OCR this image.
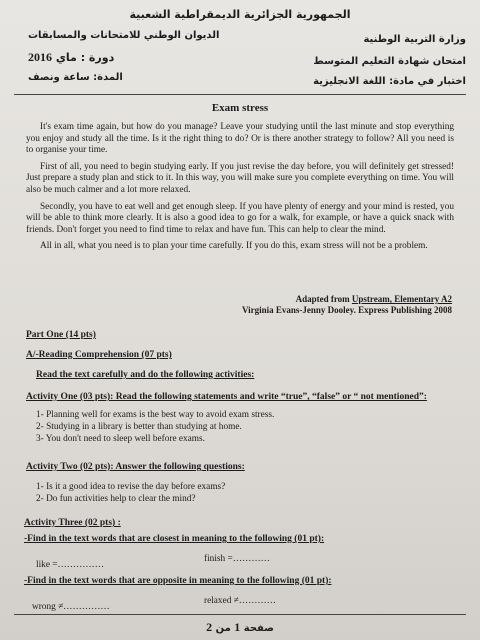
الجمهورية الجزائرية الديمقراطية الشعبية
وزارة التربية الوطنية
الديوان الوطني للامتحانات والمسابقات
امتحان شهادة التعليم المتوسط
دورة : ماي 2016
اختبار في مادة: اللغة الانجليزية
المدة: ساعة ونصف
Exam stress

It's exam time again, but how do you manage? Leave your studying until the last minute and stop everything you enjoy and study all the time. Is it the right thing to do? Or is there another strategy to follow? All you need is to organise your time.

First of all, you need to begin studying early. If you just revise the day before, you will definitely get stressed! Just prepare a study plan and stick to it. In this way, you will make sure you complete everything on time. You will also be much calmer and a lot more relaxed.

Secondly, you have to eat well and get enough sleep. If you have plenty of energy and your mind is rested, you will be able to think more clearly. It is also a good idea to go for a walk, for example, or have a quick snack with friends. Don't forget you need to find time to relax and have fun. This can help to clear the mind.

All in all, what you need is to plan your time carefully. If you do this, exam stress will not be a problem.

Adapted from Upstream, Elementary A2
Virginia Evans-Jenny Dooley. Express Publishing 2008
Part One (14 pts)
A/-Reading Comprehension (07 pts)
Read the text carefully and do the following activities:
Activity One (03 pts): Read the following statements and write “true”, “false” or “ not mentioned”:
1- Planning well for exams is the best way to avoid exam stress.
2- Studying in a library is better than studying at home.
3- You don't need to sleep well before exams.
Activity Two (02 pts): Answer the following questions:
1- Is it a good idea to revise the day before exams?
2- Do fun activities help to clear the mind?
Activity Three (02 pts) :
-Find in the text words that are closest in meaning to the following (01 pt):
like =……………
finish =…………
-Find in the text words that are opposite in meaning to the following (01 pt):
wrong ≠……………
relaxed ≠…………
صفحة 1 من 2
